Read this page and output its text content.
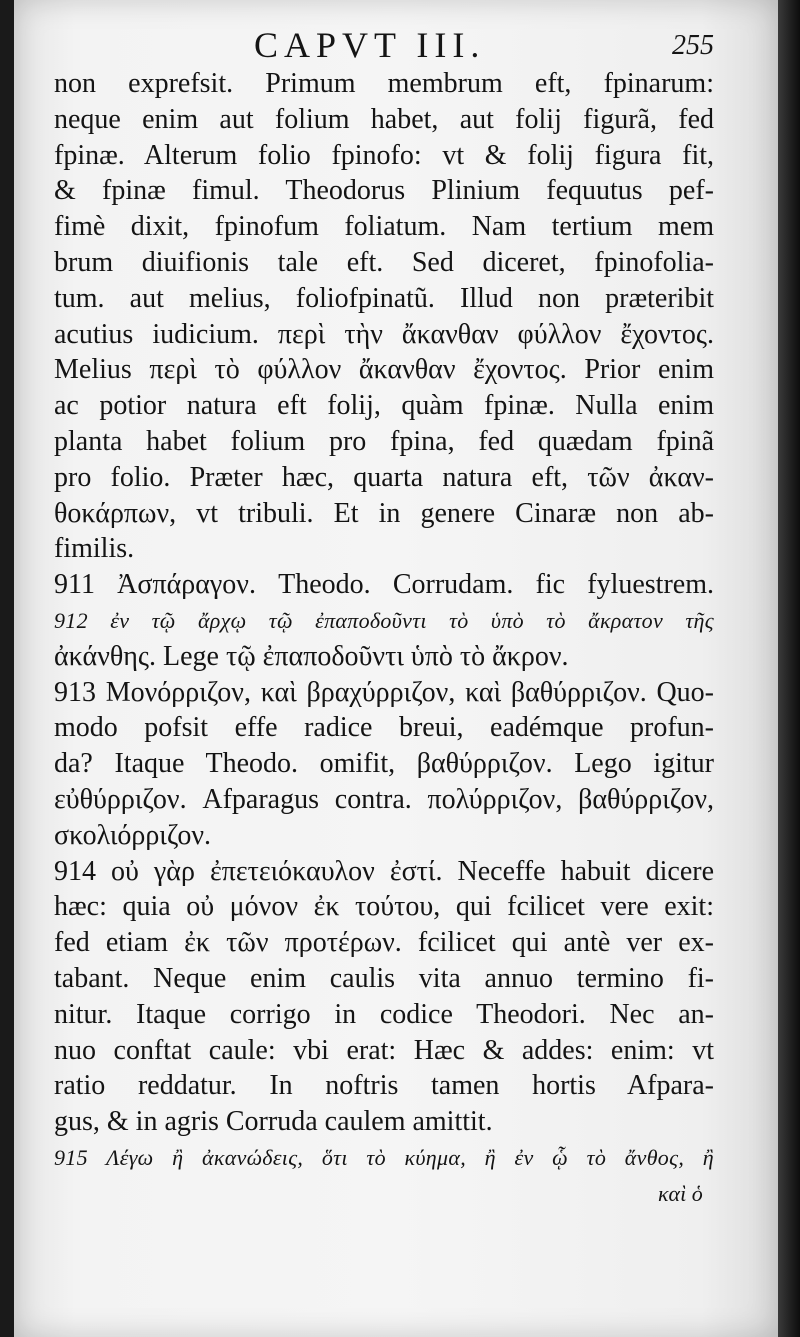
CAPVT III.	255
non exprefsit. Primum membrum eft, fpinarum:
neque enim aut folium habet, aut folij figurã, fed
fpinæ. Alterum folio fpinofo: vt & folij figura fit,
& fpinæ fimul. Theodorus Plinium fequutus pef-
fimè dixit, fpinofum foliatum. Nam tertium mem
brum diuifionis tale eft. Sed diceret, fpinofolia-
tum. aut melius, foliofpinatũ. Illud non præteribit
acutius iudicium. περὶ τὴν ἄκανθαν φύλλον ἔχοντος.
Melius περὶ τὸ φύλλον ἄκανθαν ἔχοντος. Prior enim
ac potior natura eft folij, quàm fpinæ. Nulla enim
planta habet folium pro fpina, fed quædam fpinã
pro folio. Præter hæc, quarta natura eft, τῶν ἀκαν-
θοκάρπων, vt tribuli. Et in genere Cinaræ non ab-
fimilis.
911 Ἀσπάραγον. Theodo. Corrudam. fic fyluestrem.
912 ἐν τῷ ἄρχῳ τῷ ἐπαποδοῦντι τὸ ὑπὸ τὸ ἄκρατον τῆς
ἀκάνθης. Lege τῷ ἐπαποδοῦντι ὑπὸ τὸ ἄκρον.
913 Μονόρριζον, καὶ βραχύρριζον, καὶ βαθύρριζον. Quo-
modo pofsit effe radice breui, eadémque profun-
da? Itaque Theodo. omifit, βαθύρριζον. Lego igitur
εὐθύρριζον. Afparagus contra. πολύρριζον, βαθύρριζον,
σκολιόρριζον.
914 οὐ γὰρ ἐπετειόκαυλον ἐστί. Neceffe habuit dicere
hæc: quia οὐ μόνον ἐκ τούτου, qui fcilicet vere exit:
fed etiam ἐκ τῶν προτέρων. fcilicet qui antè ver ex-
tabant. Neque enim caulis vita annuo termino fi-
nitur. Itaque corrigo in codice Theodori. Nec an-
nuo conftat caule: vbi erat: Hæc & addes: enim: vt
ratio reddatur. In noftris tamen hortis Afpara-
gus, & in agris Corruda caulem amittit.
915 Λέγω ἢ ἀκανώδεις, ὅτι τὸ κύημα, ἢ ἐν ᾧ τὸ ἄνθος, ἢ
καὶ ὁ
